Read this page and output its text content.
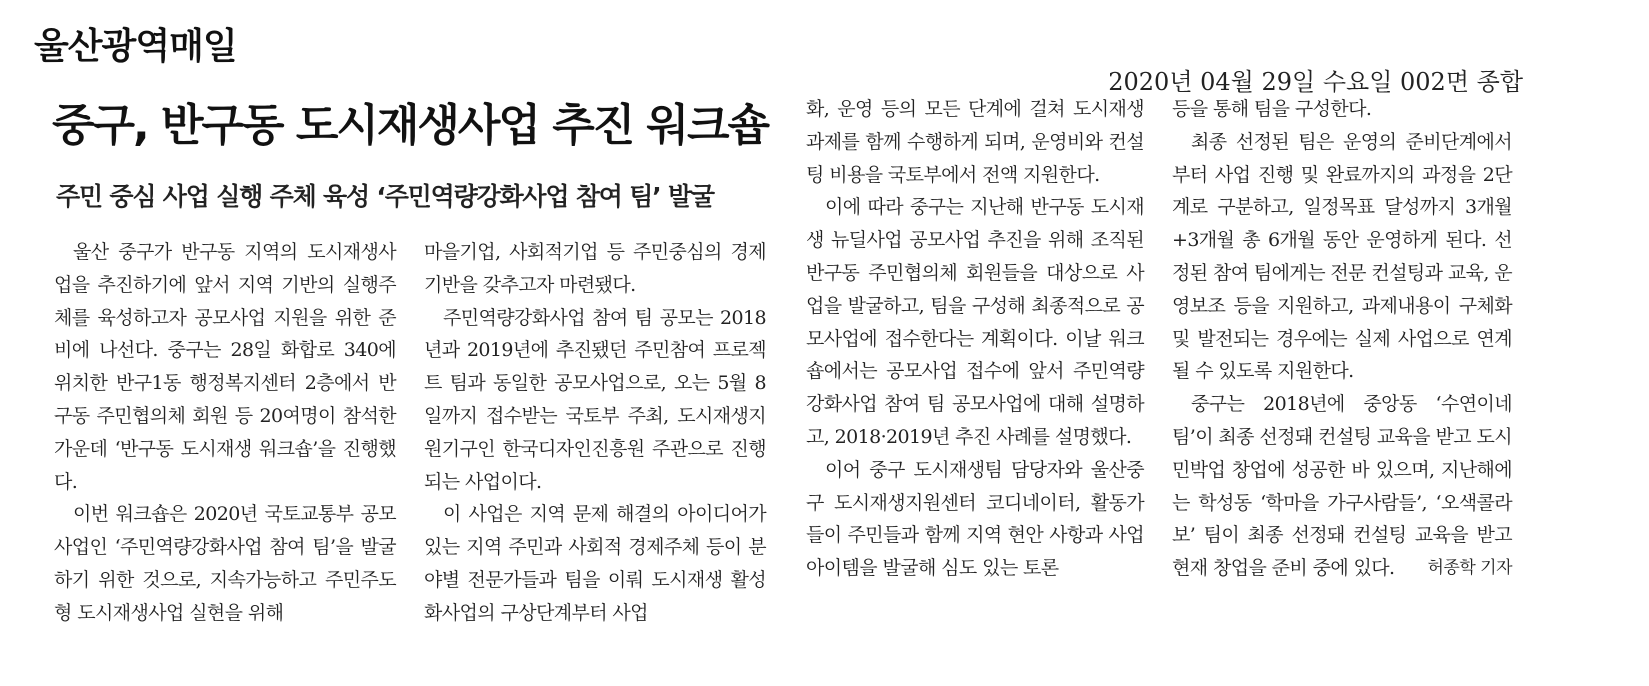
울산광역매일
2020년 04월 29일 수요일 002면 종합
중구, 반구동 도시재생사업 추진 워크숍
주민 중심 사업 실행 주체 육성 ‘주민역량강화사업 참여 팀’ 발굴

울산 중구가 반구동 지역의 도시재생사업을 추진하기에 앞서 지역 기반의 실행주체를 육성하고자 공모사업 지원을 위한 준비에 나선다. 중구는 28일 화합로 340에 위치한 반구1동 행정복지센터 2층에서 반구동 주민협의체 회원 등 20여명이 참석한 가운데 ‘반구동 도시재생 워크숍’을 진행했다.

이번 워크숍은 2020년 국토교통부 공모사업인 ‘주민역량강화사업 참여 팀’을 발굴하기 위한 것으로, 지속가능하고 주민주도형 도시재생사업 실현을 위해

마을기업, 사회적기업 등 주민중심의 경제기반을 갖추고자 마련됐다.

주민역량강화사업 참여 팀 공모는 2018년과 2019년에 추진됐던 주민참여 프로젝트 팀과 동일한 공모사업으로, 오는 5월 8일까지 접수받는 국토부 주최, 도시재생지원기구인 한국디자인진흥원 주관으로 진행되는 사업이다.

이 사업은 지역 문제 해결의 아이디어가 있는 지역 주민과 사회적 경제주체 등이 분야별 전문가들과 팀을 이뤄 도시재생 활성화사업의 구상단계부터 사업

화, 운영 등의 모든 단계에 걸쳐 도시재생 과제를 함께 수행하게 되며, 운영비와 컨설팅 비용을 국토부에서 전액 지원한다.

이에 따라 중구는 지난해 반구동 도시재생 뉴딜사업 공모사업 추진을 위해 조직된 반구동 주민협의체 회원들을 대상으로 사업을 발굴하고, 팀을 구성해 최종적으로 공모사업에 접수한다는 계획이다. 이날 워크숍에서는 공모사업 접수에 앞서 주민역량강화사업 참여 팀 공모사업에 대해 설명하고, 2018·2019년 추진 사례를 설명했다.

이어 중구 도시재생팀 담당자와 울산중구 도시재생지원센터 코디네이터, 활동가들이 주민들과 함께 지역 현안 사항과 사업아이템을 발굴해 심도 있는 토론

등을 통해 팀을 구성한다.

최종 선정된 팀은 운영의 준비단계에서부터 사업 진행 및 완료까지의 과정을 2단계로 구분하고, 일정목표 달성까지 3개월+3개월 총 6개월 동안 운영하게 된다. 선정된 참여 팀에게는 전문 컨설팅과 교육, 운영보조 등을 지원하고, 과제내용이 구체화 및 발전되는 경우에는 실제 사업으로 연계될 수 있도록 지원한다.

중구는 2018년에 중앙동 ‘수연이네 팀’이 최종 선정돼 컨설팅 교육을 받고 도시민박업 창업에 성공한 바 있으며, 지난해에는 학성동 ‘학마을 가구사람들’, ‘오색콜라보’ 팀이 최종 선정돼 컨설팅 교육을 받고 현재 창업을 준비 중에 있다.	허종학 기자
